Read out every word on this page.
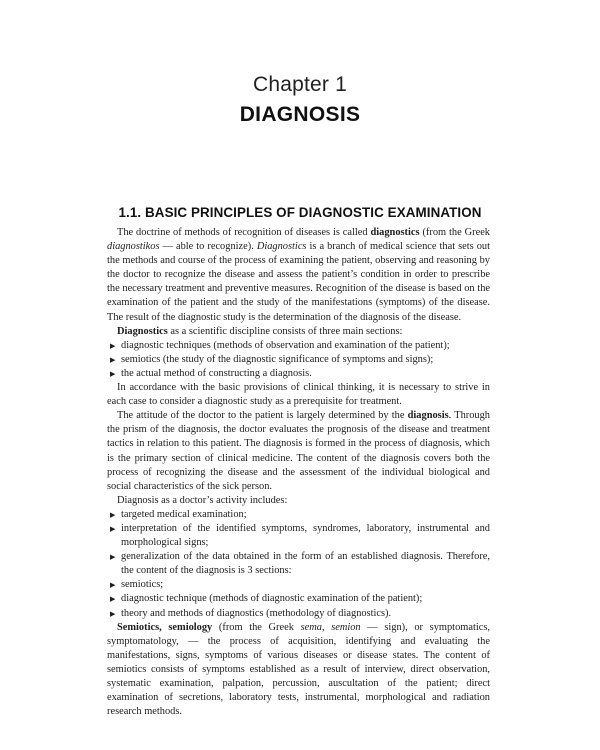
Chapter 1
DIAGNOSIS
1.1. BASIC PRINCIPLES OF DIAGNOSTIC EXAMINATION

The doctrine of methods of recognition of diseases is called diagnostics (from the Greek diagnostikos — able to recognize). Diagnostics is a branch of medical science that sets out the methods and course of the process of examining the patient, observing and reasoning by the doctor to recognize the disease and assess the patient’s condition in order to prescribe the necessary treatment and preventive measures. Recognition of the disease is based on the examination of the patient and the study of the manifestations (symptoms) of the disease. The result of the diagnostic study is the determination of the diagnosis of the disease.

Diagnostics as a scientific discipline consists of three main sections:

▶ diagnostic techniques (methods of observation and examination of the patient);
▶ semiotics (the study of the diagnostic significance of symptoms and signs);
▶ the actual method of constructing a diagnosis.

In accordance with the basic provisions of clinical thinking, it is necessary to strive in each case to consider a diagnostic study as a prerequisite for treatment.

The attitude of the doctor to the patient is largely determined by the diagnosis. Through the prism of the diagnosis, the doctor evaluates the prognosis of the disease and treatment tactics in relation to this patient. The diagnosis is formed in the process of diagnosis, which is the primary section of clinical medicine. The content of the diagnosis covers both the process of recognizing the disease and the assessment of the individual biological and social characteristics of the sick person.

Diagnosis as a doctor’s activity includes:

▶ targeted medical examination;
▶ interpretation of the identified symptoms, syndromes, laboratory, instrumental and morphological signs;
▶ generalization of the data obtained in the form of an established diagnosis. Therefore, the content of the diagnosis is 3 sections:
▶ semiotics;
▶ diagnostic technique (methods of diagnostic examination of the patient);
▶ theory and methods of diagnostics (methodology of diagnostics).

Semiotics, semiology (from the Greek sema, semion — sign), or symptomatics, symptomatology, — the process of acquisition, identifying and evaluating the manifestations, signs, symptoms of various diseases or disease states. The content of semiotics consists of symptoms established as a result of interview, direct observation, systematic examination, palpation, percussion, auscultation of the patient; direct examination of secretions, laboratory tests, instrumental, morphological and radiation research methods.
